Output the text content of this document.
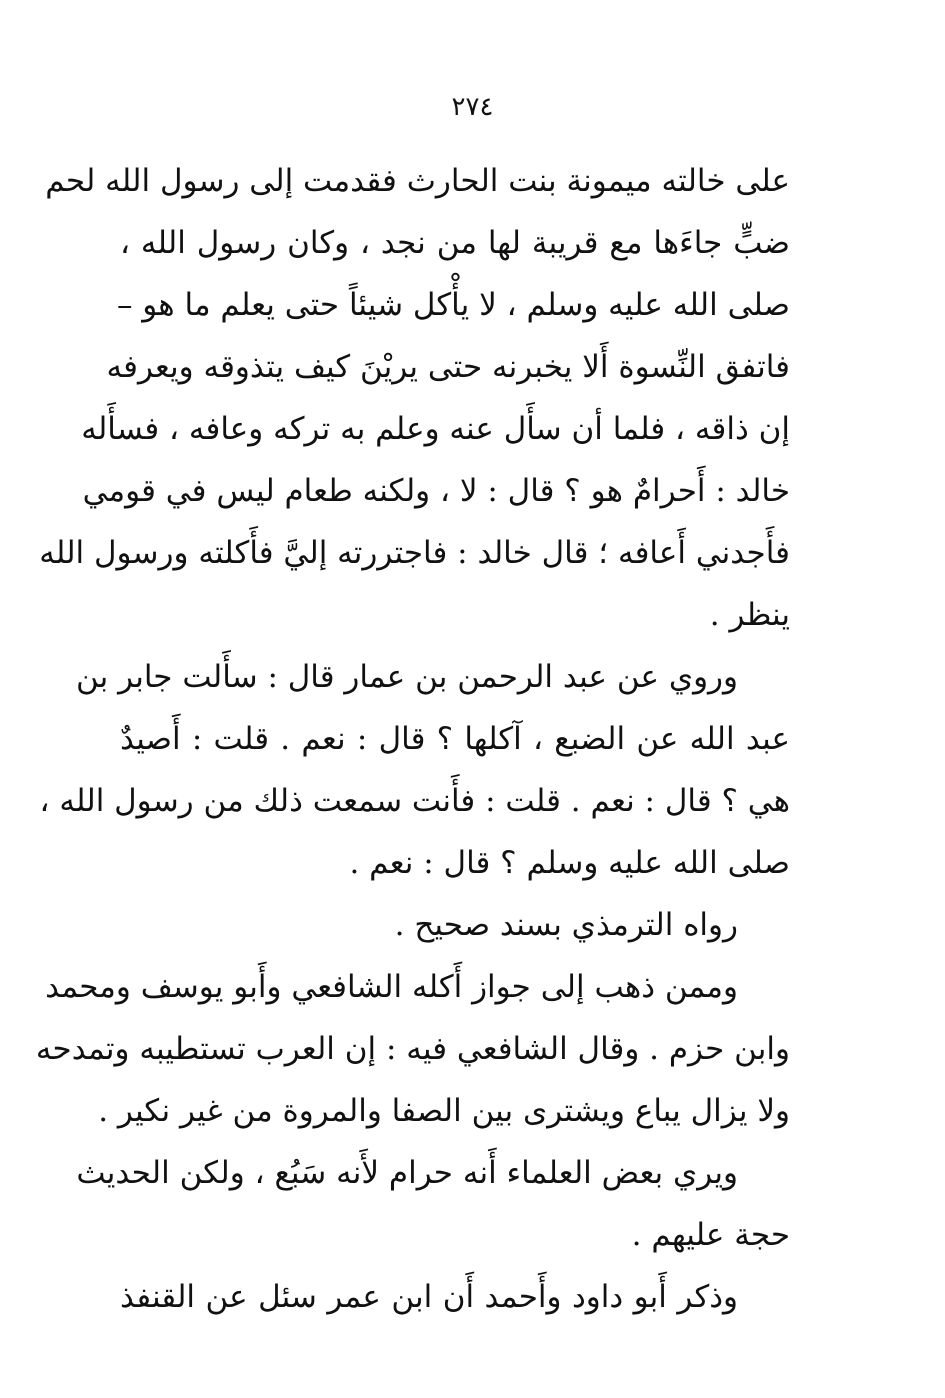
٢٧٤
على خالته ميمونة بنت الحارث فقدمت إلى رسول الله لحم
ضبٍّ جاءَها مع قريبة لها من نجد ، وكان رسول الله ،
صلى الله عليه وسلم ، لا يأْكل شيئاً حتى يعلم ما هو –
فاتفق النِّسوة أَلا يخبرنه حتى يريْنَ كيف يتذوقه ويعرفه
إن ذاقه ، فلما أن سأَل عنه وعلم به تركه وعافه ، فسأَله
خالد : أَحرامٌ هو ؟ قال : لا ، ولكنه طعام ليس في قومي
فأَجدني أَعافه ؛ قال خالد : فاجتررته إليَّ فأَكلته ورسول الله
ينظر .
وروي عن عبد الرحمن بن عمار قال : سأَلت جابر بن
عبد الله عن الضبع ، آكلها ؟ قال : نعم . قلت : أَصيدٌ
هي ؟ قال : نعم . قلت : فأَنت سمعت ذلك من رسول الله ،
صلى الله عليه وسلم ؟ قال : نعم .
رواه الترمذي بسند صحيح .
وممن ذهب إلى جواز أَكله الشافعي وأَبو يوسف ومحمد
وابن حزم . وقال الشافعي فيه : إن العرب تستطيبه وتمدحه
ولا يزال يباع ويشترى بين الصفا والمروة من غير نكير .
ويري بعض العلماء أَنه حرام لأَنه سَبُع ، ولكن الحديث
حجة عليهم .
وذكر أَبو داود وأَحمد أَن ابن عمر سئل عن القنفذ
